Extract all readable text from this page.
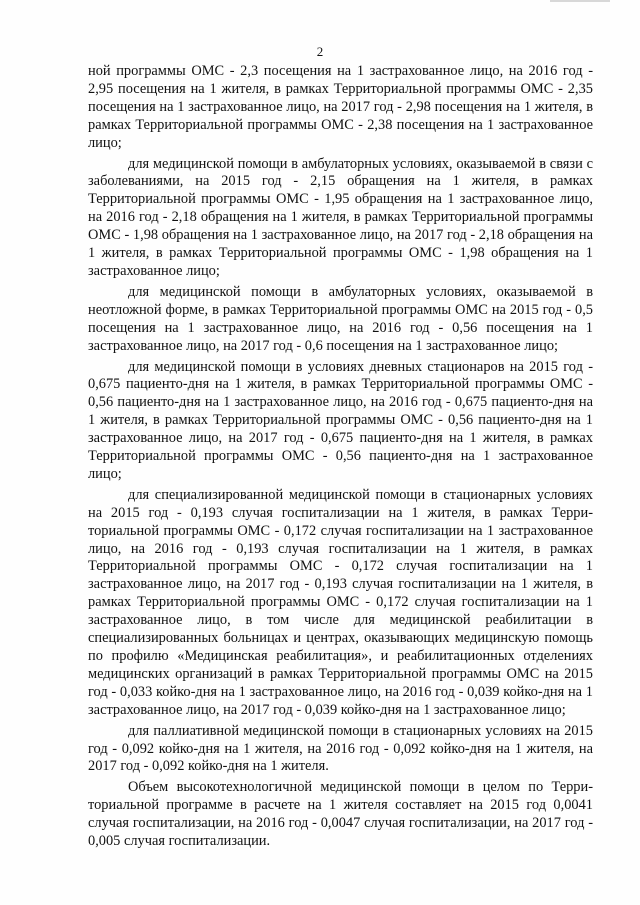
2

ной программы ОМС - 2,3 посещения на 1 застрахованное лицо, на 2016 год - 2,95 посещения на 1 жителя, в рамках Территориальной программы ОМС - 2,35 посещения на 1 застрахованное лицо, на 2017 год - 2,98 посещения на 1 жителя, в рамках Территориальной программы ОМС - 2,38 посещения на 1 застрахованное лицо;

для медицинской помощи в амбулаторных условиях, оказываемой в связи с заболеваниями, на 2015 год - 2,15 обращения на 1 жителя, в рамках Территориальной программы ОМС - 1,95 обращения на 1 застрахованное лицо, на 2016 год - 2,18 обращения на 1 жителя, в рамках Территориальной программы ОМС - 1,98 обращения на 1 застрахованное лицо, на 2017 год - 2,18 обращения на 1 жителя, в рамках Территориальной программы ОМС - 1,98 обращения на 1 застрахованное лицо;

для медицинской помощи в амбулаторных условиях, оказываемой в неотложной форме, в рамках Территориальной программы ОМС на 2015 год - 0,5 посещения на 1 застрахованное лицо, на 2016 год - 0,56 посещения на 1 застрахованное лицо, на 2017 год - 0,6 посещения на 1 застрахованное лицо;

для медицинской помощи в условиях дневных стационаров на 2015 год - 0,675 пациенто-дня на 1 жителя, в рамках Территориальной программы ОМС - 0,56 пациенто-дня на 1 застрахованное лицо, на 2016 год - 0,675 пациенто-дня на 1 жителя, в рамках Территориальной программы ОМС - 0,56 пациенто-дня на 1 застрахованное лицо, на 2017 год - 0,675 пациенто-дня на 1 жителя, в рамках Территориальной программы ОМС - 0,56 пациенто-дня на 1 застрахованное лицо;

для специализированной медицинской помощи в стационарных условиях на 2015 год - 0,193 случая госпитализации на 1 жителя, в рамках Территориальной программы ОМС - 0,172 случая госпитализации на 1 застрахованное лицо, на 2016 год - 0,193 случая госпитализации на 1 жителя, в рамках Территориальной программы ОМС - 0,172 случая госпитализации на 1 застрахованное лицо, на 2017 год - 0,193 случая госпитализации на 1 жителя, в рамках Территориальной программы ОМС - 0,172 случая госпитализации на 1 застрахованное лицо, в том числе для медицинской реабилитации в специализированных больницах и центрах, оказывающих медицинскую помощь по профилю «Медицинская реабилитация», и реабилитационных отделениях медицинских организаций в рамках Территориальной программы ОМС на 2015 год - 0,033 койко-дня на 1 застрахованное лицо, на 2016 год - 0,039 койко-дня на 1 застрахованное лицо, на 2017 год - 0,039 койко-дня на 1 застрахованное лицо;

для паллиативной медицинской помощи в стационарных условиях на 2015 год - 0,092 койко-дня на 1 жителя, на 2016 год - 0,092 койко-дня на 1 жителя, на 2017 год - 0,092 койко-дня на 1 жителя.

Объем высокотехнологичной медицинской помощи в целом по Территориальной программе в расчете на 1 жителя составляет на 2015 год 0,0041 случая госпитализации, на 2016 год - 0,0047 случая госпитализации, на 2017 год - 0,005 случая госпитализации.
